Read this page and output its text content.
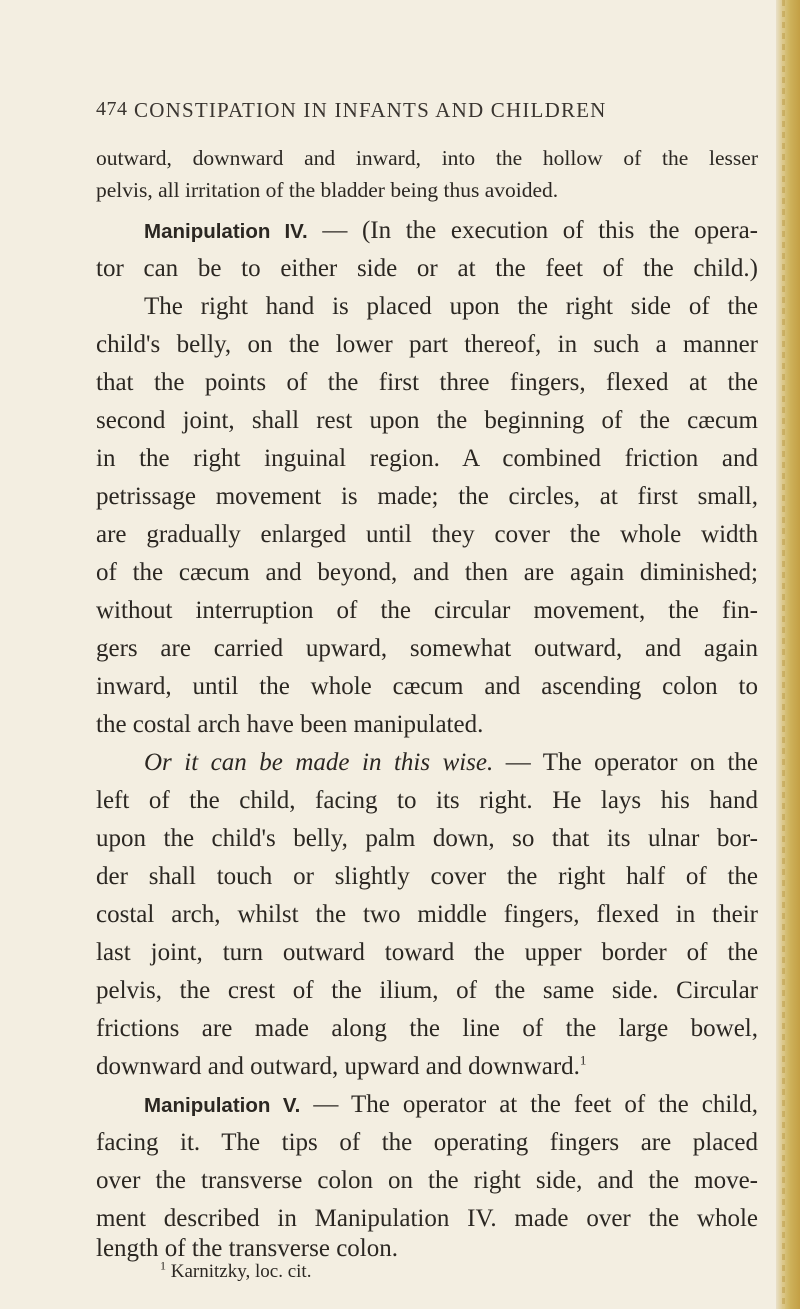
474 CONSTIPATION IN INFANTS AND CHILDREN
outward, downward and inward, into the hollow of the lesser
pelvis, all irritation of the bladder being thus avoided.
Manipulation IV. — (In the execution of this the opera-
tor can be to either side or at the feet of the child.)
The right hand is placed upon the right side of the
child's belly, on the lower part thereof, in such a manner
that the points of the first three fingers, flexed at the
second joint, shall rest upon the beginning of the cæcum
in the right inguinal region. A combined friction and
petrissage movement is made; the circles, at first small,
are gradually enlarged until they cover the whole width
of the cæcum and beyond, and then are again diminished;
without interruption of the circular movement, the fin-
gers are carried upward, somewhat outward, and again
inward, until the whole cæcum and ascending colon to
the costal arch have been manipulated.
Or it can be made in this wise. — The operator on the
left of the child, facing to its right. He lays his hand
upon the child's belly, palm down, so that its ulnar bor-
der shall touch or slightly cover the right half of the
costal arch, whilst the two middle fingers, flexed in their
last joint, turn outward toward the upper border of the
pelvis, the crest of the ilium, of the same side. Circular
frictions are made along the line of the large bowel,
downward and outward, upward and downward.$^1$
Manipulation V. — The operator at the feet of the child,
facing it. The tips of the operating fingers are placed
over the transverse colon on the right side, and the move-
ment described in Manipulation IV. made over the whole
length of the transverse colon.
$^1$ Karnitzky, loc. cit.
